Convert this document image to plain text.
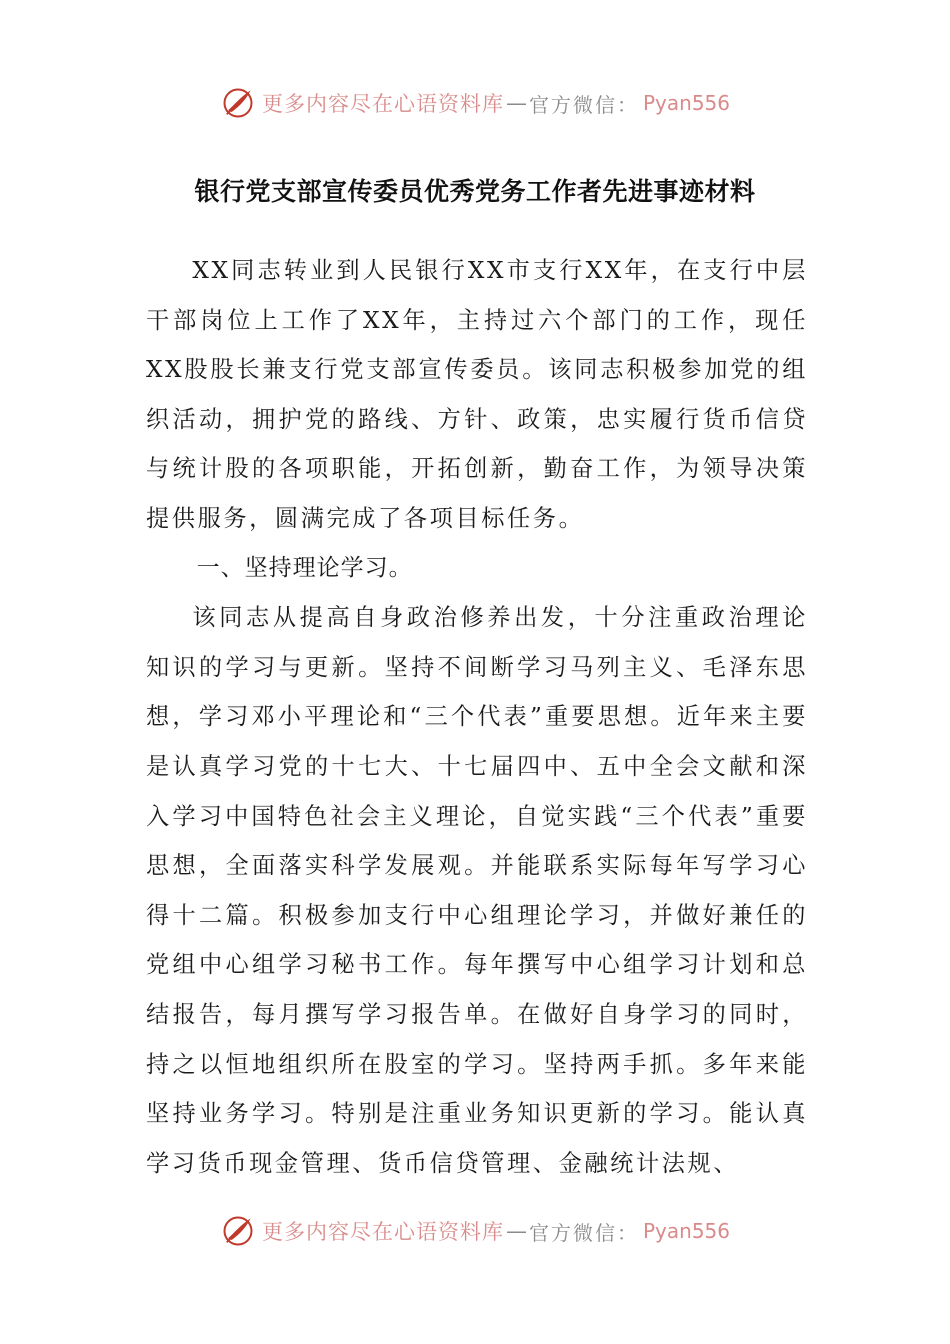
更多内容尽在心语资料库 — 官方微信： Pyan556
银行党支部宣传委员优秀党务工作者先进事迹材料

XX同志转业到人民银行XX市支行XX年，在支行中层干部岗位上工作了XX年，主持过六个部门的工作，现任XX股股长兼支行党支部宣传委员。该同志积极参加党的组织活动，拥护党的路线、方针、政策，忠实履行货币信贷与统计股的各项职能，开拓创新，勤奋工作，为领导决策提供服务，圆满完成了各项目标任务。

一、坚持理论学习。

该同志从提高自身政治修养出发，十分注重政治理论知识的学习与更新。坚持不间断学习马列主义、毛泽东思想，学习邓小平理论和“三个代表”重要思想。近年来主要是认真学习党的十七大、十七届四中、五中全会文献和深入学习中国特色社会主义理论，自觉实践“三个代表”重要思想，全面落实科学发展观。并能联系实际每年写学习心得十二篇。积极参加支行中心组理论学习，并做好兼任的党组中心组学习秘书工作。每年撰写中心组学习计划和总结报告，每月撰写学习报告单。在做好自身学习的同时，持之以恒地组织所在股室的学习。坚持两手抓。多年来能坚持业务学习。特别是注重业务知识更新的学习。能认真学习货币现金管理、货币信贷管理、金融统计法规、

更多内容尽在心语资料库 — 官方微信： Pyan556
